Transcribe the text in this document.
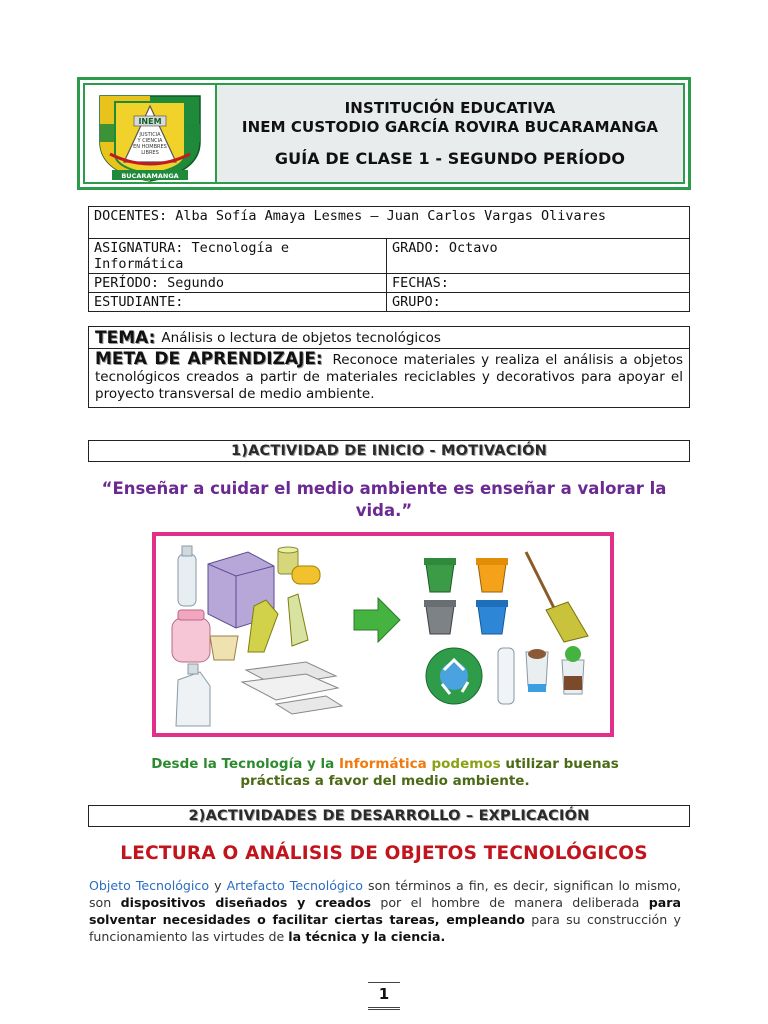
INEM
JUSTICIA
Y CIENCIA
EN HOMBRES
LIBRES
BUCARAMANGA
INSTITUCIÓN EDUCATIVA
INEM CUSTODIO GARCÍA ROVIRA BUCARAMANGA
GUÍA DE CLASE 1 - SEGUNDO PERÍODO
DOCENTES: Alba Sofía Amaya Lesmes – Juan Carlos Vargas Olivares	
ASIGNATURA: Tecnología e Informática	GRADO: Octavo
PERÍODO: Segundo	FECHAS:
ESTUDIANTE:	GRUPO:
TEMA: Análisis o lectura de objetos tecnológicos
META DE APRENDIZAJE: Reconoce materiales y realiza el análisis a objetos tecnológicos creados a partir de materiales reciclables y decorativos para apoyar el proyecto transversal de medio ambiente.
1)ACTIVIDAD DE INICIO - MOTIVACIÓN
“Enseñar a cuidar el medio ambiente es enseñar a valorar la vida.”
Desde la Tecnología y la Informática podemos utilizar buenas
prácticas a favor del medio ambiente.
2)ACTIVIDADES DE DESARROLLO – EXPLICACIÓN
LECTURA O ANÁLISIS DE OBJETOS TECNOLÓGICOS
Objeto Tecnológico y Artefacto Tecnológico son términos a fin, es decir, significan lo mismo, son dispositivos diseñados y creados por el hombre de manera deliberada para solventar necesidades o facilitar ciertas tareas, empleando para su construcción y funcionamiento las virtudes de la técnica y la ciencia.
1
